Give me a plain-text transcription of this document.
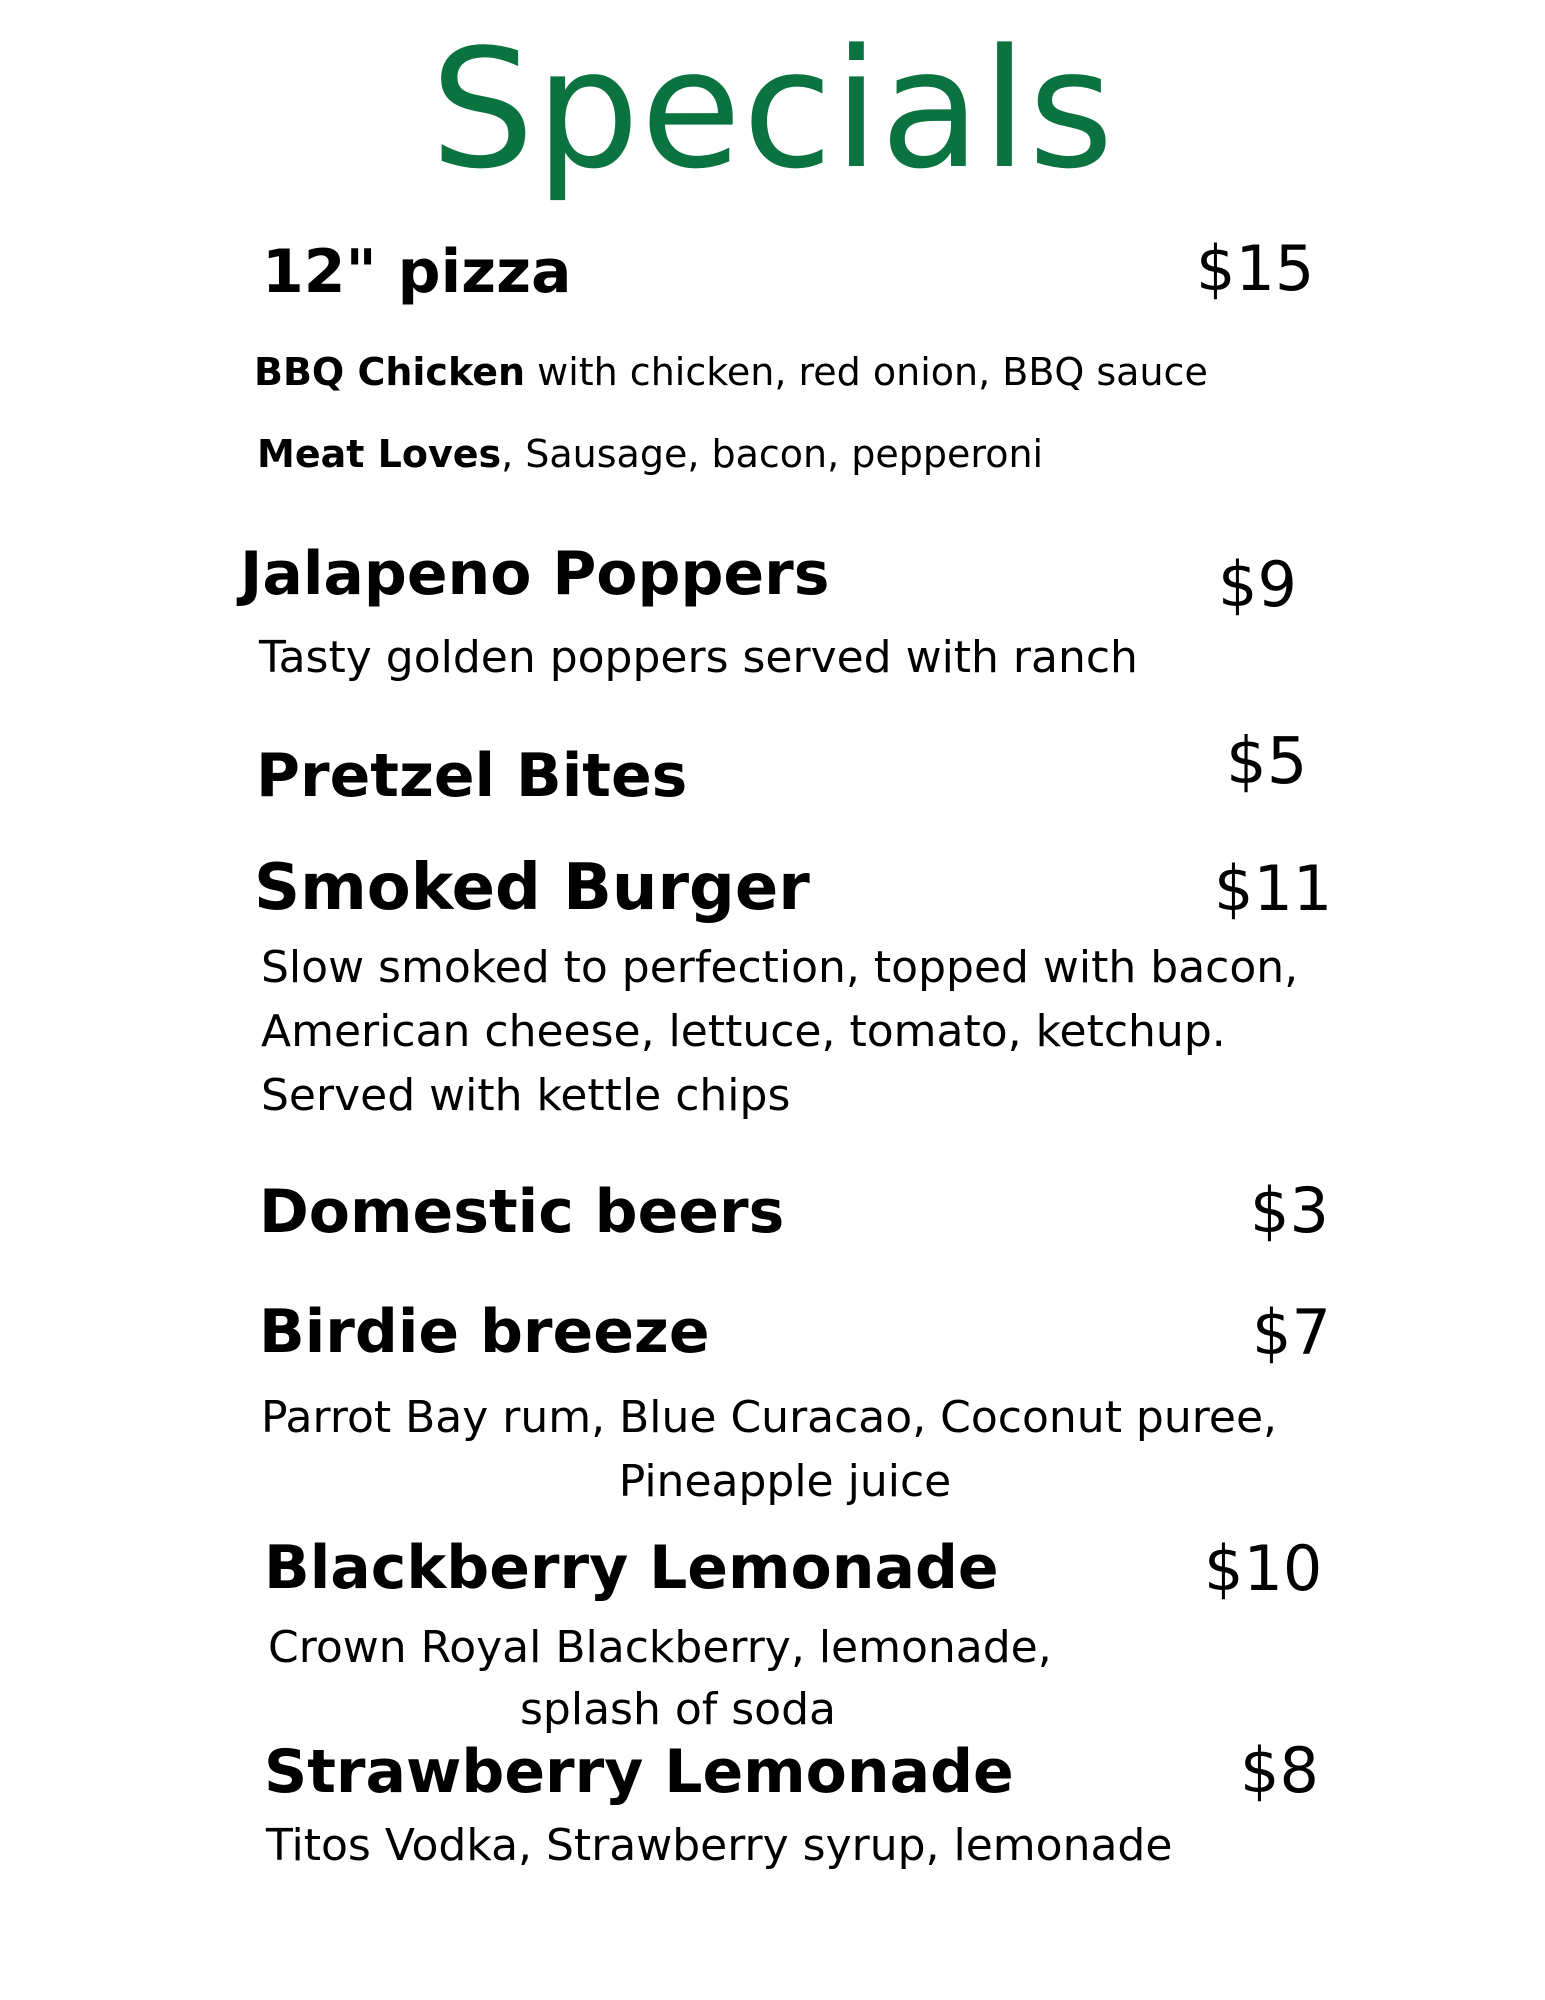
Specials
12" pizza	$15
BBQ Chicken with chicken, red onion, BBQ sauce
Meat Loves, Sausage, bacon, pepperoni
Jalapeno Poppers	$9
Tasty golden poppers served with ranch
Pretzel Bites	$5
Smoked Burger	$11
Slow smoked to perfection, topped with bacon,
American cheese, lettuce, tomato, ketchup.
Served with kettle chips
Domestic beers	$3
Birdie breeze	$7
Parrot Bay rum, Blue Curacao, Coconut puree,
Pineapple juice
Blackberry Lemonade	$10
Crown Royal Blackberry, lemonade,
splash of soda
Strawberry Lemonade	$8
Titos Vodka, Strawberry syrup, lemonade
